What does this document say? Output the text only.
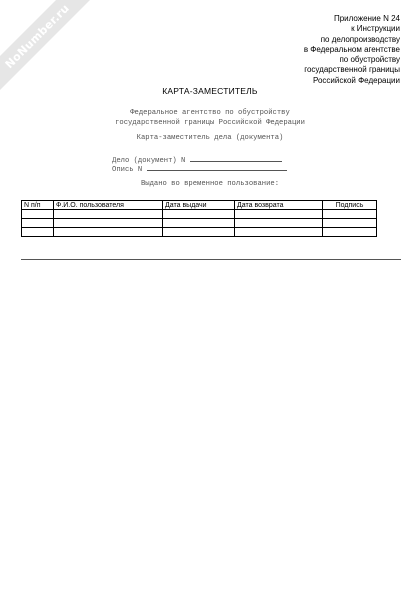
NoNumber.ru	Приложение N 24
к Инструкции
по делопроизводству
в Федеральном агентстве
по обустройству
государственной границы
Российской Федерации
КАРТА-ЗАМЕСТИТЕЛЬ
Федеральное агентство по обустройству
государственной границы Российской Федерации
Карта-заместитель дела (документа)
Дело (документ) N
Опись N
Выдано во временное пользование:
N п/п	Ф.И.О. пользователя	Дата выдачи	Дата возврата	Подпись
